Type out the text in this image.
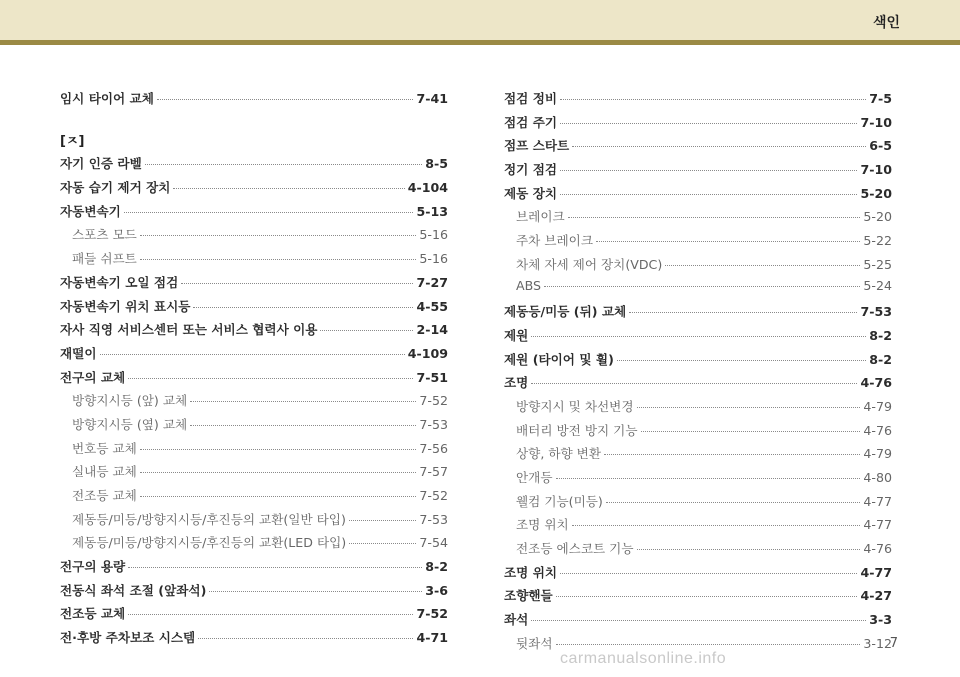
색인
임시 타이어 교체	7-41
[ㅈ]
자기 인증 라벨	8-5
자동 습기 제거 장치	4-104
자동변속기	5-13
스포츠 모드	5-16
패들 쉬프트	5-16
자동변속기 오일 점검	7-27
자동변속기 위치 표시등	4-55
자사 직영 서비스센터 또는 서비스 협력사 이용	2-14
재떨이	4-109
전구의 교체	7-51
방향지시등 (앞) 교체	7-52
방향지시등 (옆) 교체	7-53
번호등 교체	7-56
실내등 교체	7-57
전조등 교체	7-52
제동등/미등/방향지시등/후진등의 교환(일반 타입)	7-53
제동등/미등/방향지시등/후진등의 교환(LED 타입)	7-54
전구의 용량	8-2
전동식 좌석 조절 (앞좌석)	3-6
전조등 교체	7-52
전·후방 주차보조 시스템	4-71
점검 정비	7-5
점검 주기	7-10
점프 스타트	6-5
정기 점검	7-10
제동 장치	5-20
브레이크	5-20
주차 브레이크	5-22
차체 자세 제어 장치(VDC)	5-25
ABS	5-24
제동등/미등 (뒤) 교체	7-53
제원	8-2
제원 (타이어 및 휠)	8-2
조명	4-76
방향지시 및 차선변경	4-79
배터리 방전 방지 기능	4-76
상향, 하향 변환	4-79
안개등	4-80
웰컴 기능(미등)	4-77
조명 위치	4-77
전조등 에스코트 기능	4-76
조명 위치	4-77
조향핸들	4-27
좌석	3-3
뒷좌석	3-12
7
carmanualsonline.info
